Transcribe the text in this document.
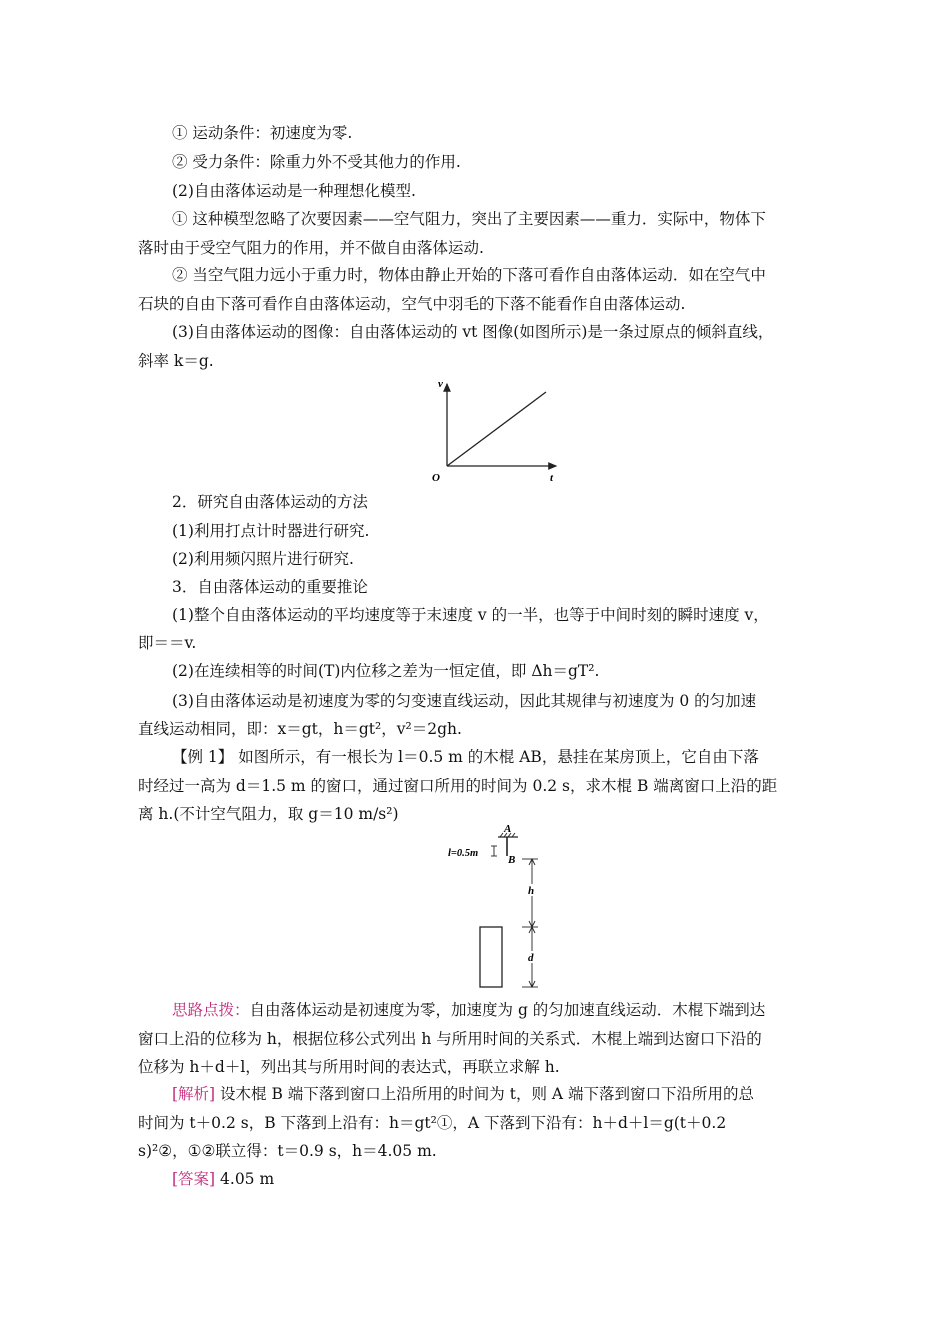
① 运动条件：初速度为零.
② 受力条件：除重力外不受其他力的作用.
(2)自由落体运动是一种理想化模型.
① 这种模型忽略了次要因素——空气阻力，突出了主要因素——重力．实际中，物体下
落时由于受空气阻力的作用，并不做自由落体运动.
② 当空气阻力远小于重力时，物体由静止开始的下落可看作自由落体运动．如在空气中
石块的自由下落可看作自由落体运动，空气中羽毛的下落不能看作自由落体运动.
(3)自由落体运动的图像：自由落体运动的 vt 图像(如图所示)是一条过原点的倾斜直线，
斜率 k＝g.
v
t
O
2．研究自由落体运动的方法
(1)利用打点计时器进行研究.
(2)利用频闪照片进行研究.
3．自由落体运动的重要推论
(1)整个自由落体运动的平均速度等于末速度 v 的一半，也等于中间时刻的瞬时速度 v，
即＝＝v.
(2)在连续相等的时间(T)内位移之差为一恒定值，即 Δh＝gT².
(3)自由落体运动是初速度为零的匀变速直线运动，因此其规律与初速度为 0 的匀加速
直线运动相同，即：x＝gt，h＝gt²，v²＝2gh.
【例 1】 如图所示，有一根长为 l＝0.5 m 的木棍 AB，悬挂在某房顶上，它自由下落
时经过一高为 d＝1.5 m 的窗口，通过窗口所用的时间为 0.2 s，求木棍 B 端离窗口上沿的距
离 h.(不计空气阻力，取 g＝10 m/s²)
A
B
l=0.5m
h
d
思路点拨：自由落体运动是初速度为零，加速度为 g 的匀加速直线运动．木棍下端到达
窗口上沿的位移为 h，根据位移公式列出 h 与所用时间的关系式．木棍上端到达窗口下沿的
位移为 h＋d＋l，列出其与所用时间的表达式，再联立求解 h.
[解析] 设木棍 B 端下落到窗口上沿所用的时间为 t，则 A 端下落到窗口下沿所用的总
时间为 t＋0.2 s，B 下落到上沿有：h＝gt²①，A 下落到下沿有：h＋d＋l＝g(t＋0.2
s)²②，①②联立得：t＝0.9 s，h＝4.05 m.
[答案] 4.05 m
